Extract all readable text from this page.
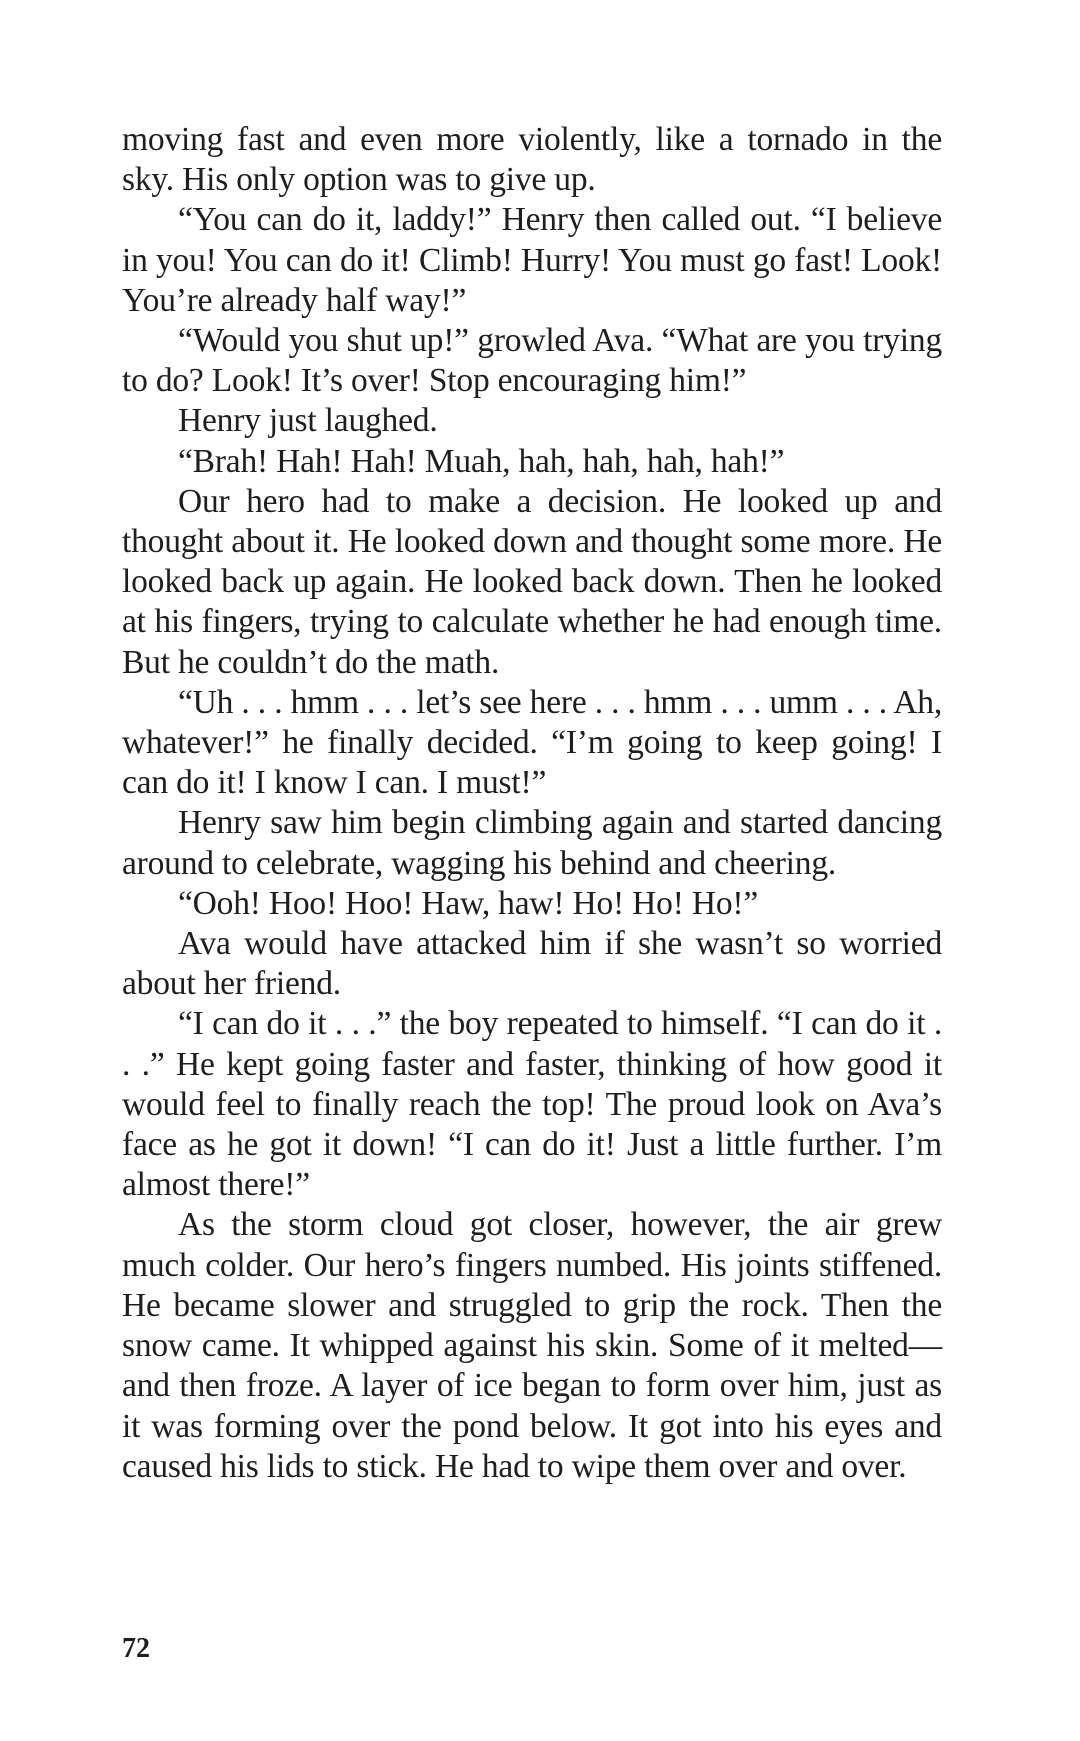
moving fast and even more violently, like a tornado in the sky. His only option was to give up.

“You can do it, laddy!” Henry then called out. “I believe in you! You can do it! Climb! Hurry! You must go fast! Look! You’re already half way!”

“Would you shut up!” growled Ava. “What are you trying to do? Look! It’s over! Stop encouraging him!”

Henry just laughed.

“Brah! Hah! Hah! Muah, hah, hah, hah, hah!”

Our hero had to make a decision. He looked up and thought about it. He looked down and thought some more. He looked back up again. He looked back down. Then he looked at his fingers, trying to calculate whether he had enough time. But he couldn’t do the math.

“Uh . . . hmm . . . let’s see here . . . hmm . . . umm . . . Ah, whatever!” he finally decided. “I’m going to keep going! I can do it! I know I can. I must!”

Henry saw him begin climbing again and started dancing around to celebrate, wagging his behind and cheering.

“Ooh! Hoo! Hoo! Haw, haw! Ho! Ho! Ho!”

Ava would have attacked him if she wasn’t so worried about her friend.

“I can do it . . .” the boy repeated to himself. “I can do it . . .” He kept going faster and faster, thinking of how good it would feel to finally reach the top! The proud look on Ava’s face as he got it down! “I can do it! Just a little further. I’m almost there!”

As the storm cloud got closer, however, the air grew much colder. Our hero’s fingers numbed. His joints stiffened. He became slower and struggled to grip the rock. Then the snow came. It whipped against his skin. Some of it melted—and then froze. A layer of ice began to form over him, just as it was forming over the pond below. It got into his eyes and caused his lids to stick. He had to wipe them over and over.

72
